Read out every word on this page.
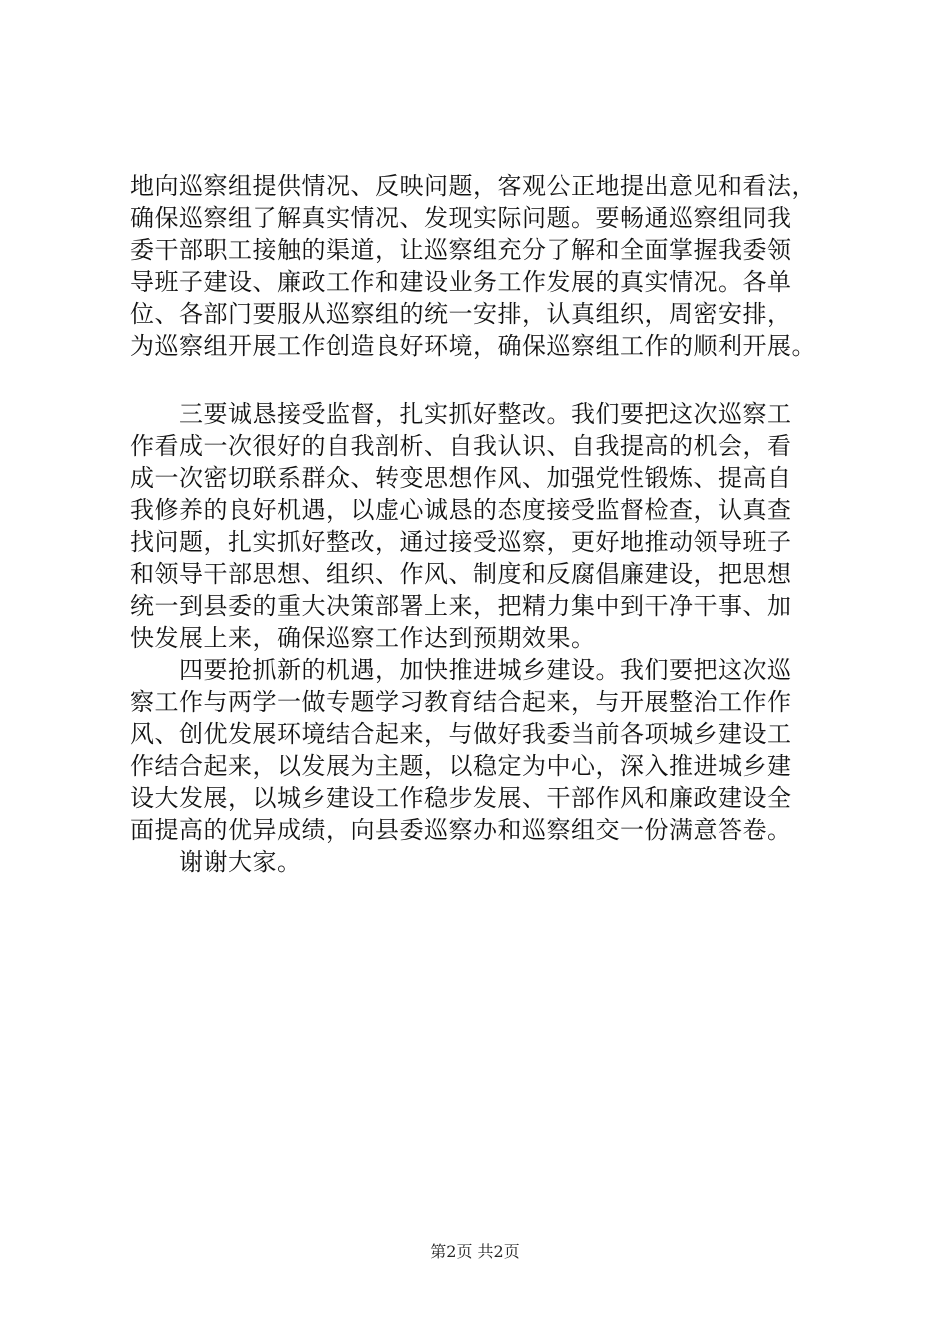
地向巡察组提供情况、反映问题，客观公正地提出意见和看法，
确保巡察组了解真实情况、发现实际问题。要畅通巡察组同我
委干部职工接触的渠道，让巡察组充分了解和全面掌握我委领
导班子建设、廉政工作和建设业务工作发展的真实情况。各单
位、各部门要服从巡察组的统一安排，认真组织，周密安排，
为巡察组开展工作创造良好环境，确保巡察组工作的顺利开展。
　　三要诚恳接受监督，扎实抓好整改。我们要把这次巡察工
作看成一次很好的自我剖析、自我认识、自我提高的机会，看
成一次密切联系群众、转变思想作风、加强党性锻炼、提高自
我修养的良好机遇，以虚心诚恳的态度接受监督检查，认真查
找问题，扎实抓好整改，通过接受巡察，更好地推动领导班子
和领导干部思想、组织、作风、制度和反腐倡廉建设，把思想
统一到县委的重大决策部署上来，把精力集中到干净干事、加
快发展上来，确保巡察工作达到预期效果。
　　四要抢抓新的机遇，加快推进城乡建设。我们要把这次巡
察工作与两学一做专题学习教育结合起来，与开展整治工作作
风、创优发展环境结合起来，与做好我委当前各项城乡建设工
作结合起来，以发展为主题，以稳定为中心，深入推进城乡建
设大发展，以城乡建设工作稳步发展、干部作风和廉政建设全
面提高的优异成绩，向县委巡察办和巡察组交一份满意答卷。
　　谢谢大家。
第2页 共2页
